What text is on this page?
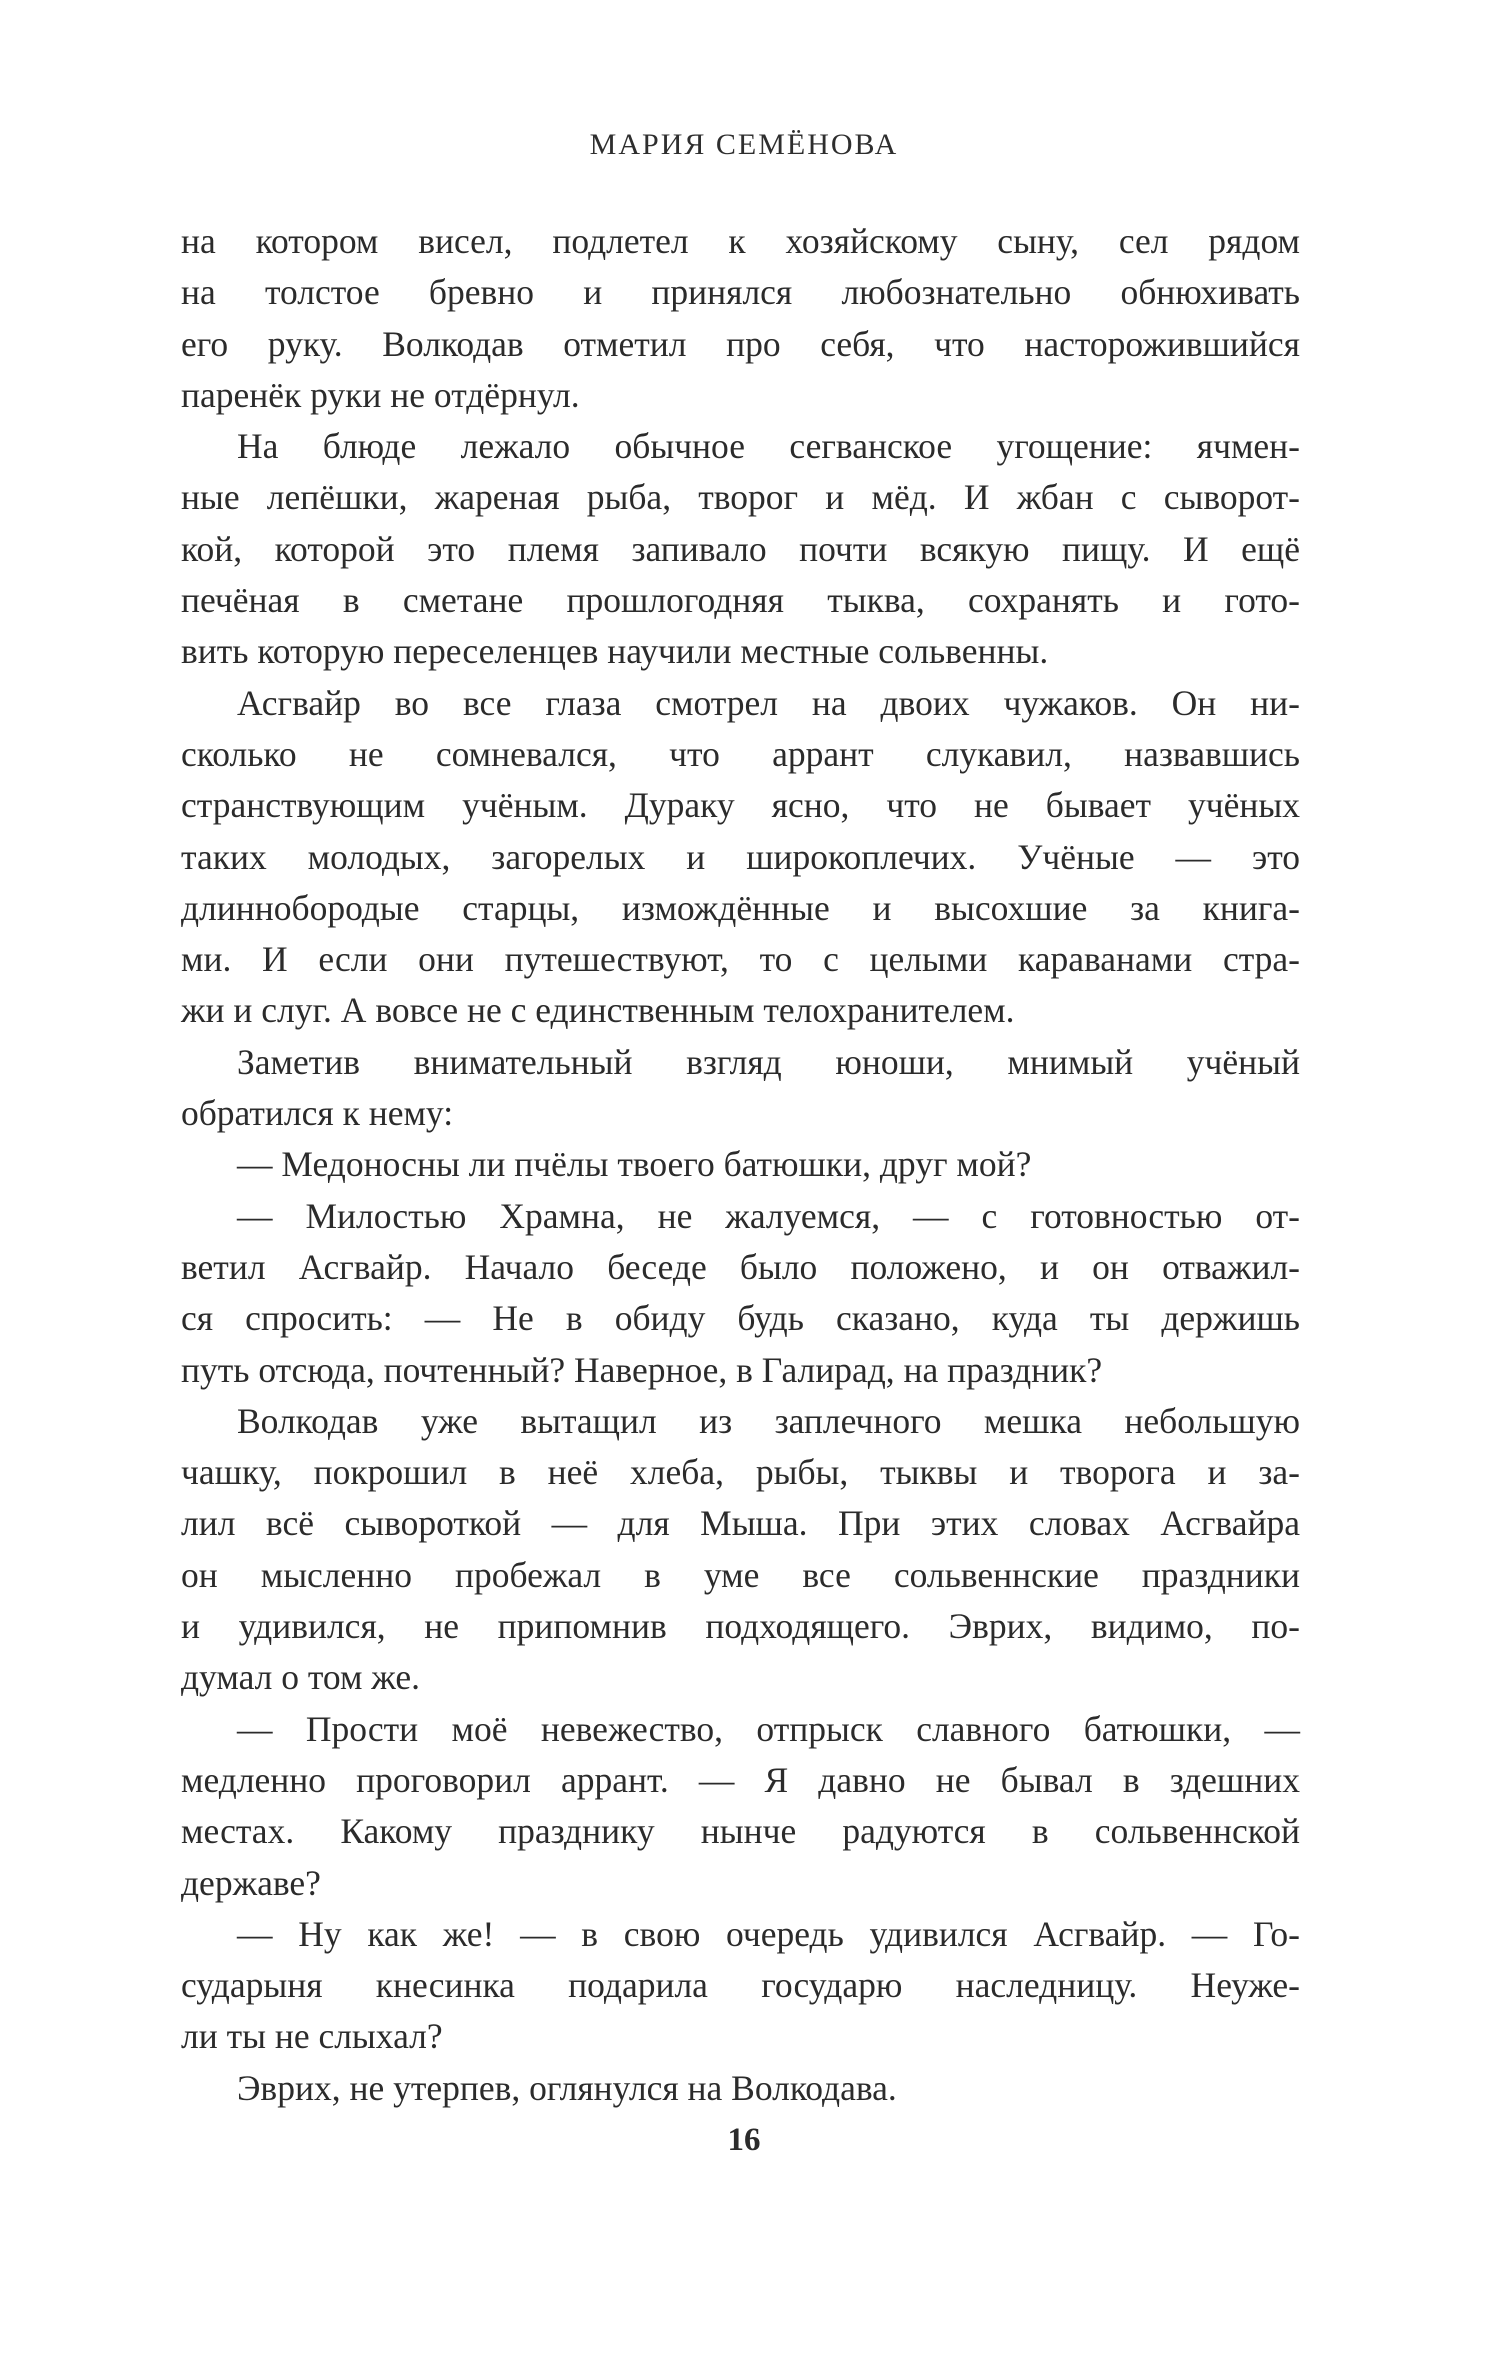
МАРИЯ СЕМЁНОВА
на котором висел, подлетел к хозяйскому сыну, сел рядом
на толстое бревно и принялся любознательно обнюхивать
его руку. Волкодав отметил про себя, что насторожившийся
паренёк руки не отдёрнул.
На блюде лежало обычное сегванское угощение: ячмен-
ные лепёшки, жареная рыба, творог и мёд. И жбан с сыворот-
кой, которой это племя запивало почти всякую пищу. И ещё
печёная в сметане прошлогодняя тыква, сохранять и гото-
вить которую переселенцев научили местные сольвенны.
Асгвайр во все глаза смотрел на двоих чужаков. Он ни-
сколько не сомневался, что аррант слукавил, назвавшись
странствующим учёным. Дураку ясно, что не бывает учёных
таких молодых, загорелых и широкоплечих. Учёные — это
длиннобородые старцы, измождённые и высохшие за книга-
ми. И если они путешествуют, то с целыми караванами стра-
жи и слуг. А вовсе не с единственным телохранителем.
Заметив внимательный взгляд юноши, мнимый учёный
обратился к нему:
— Медоносны ли пчёлы твоего батюшки, друг мой?
— Милостью Храмна, не жалуемся, — с готовностью от-
ветил Асгвайр. Начало беседе было положено, и он отважил-
ся спросить: — Не в обиду будь сказано, куда ты держишь
путь отсюда, почтенный? Наверное, в Галирад, на праздник?
Волкодав уже вытащил из заплечного мешка небольшую
чашку, покрошил в неё хлеба, рыбы, тыквы и творога и за-
лил всё сывороткой — для Мыша. При этих словах Асгвайра
он мысленно пробежал в уме все сольвеннские праздники
и удивился, не припомнив подходящего. Эврих, видимо, по-
думал о том же.
— Прости моё невежество, отпрыск славного батюшки, —
медленно проговорил аррант. — Я давно не бывал в здешних
местах. Какому празднику нынче радуются в сольвеннской
державе?
— Ну как же! — в свою очередь удивился Асгвайр. — Го-
сударыня кнесинка подарила государю наследницу. Неуже-
ли ты не слыхал?
Эврих, не утерпев, оглянулся на Волкодава.
16
